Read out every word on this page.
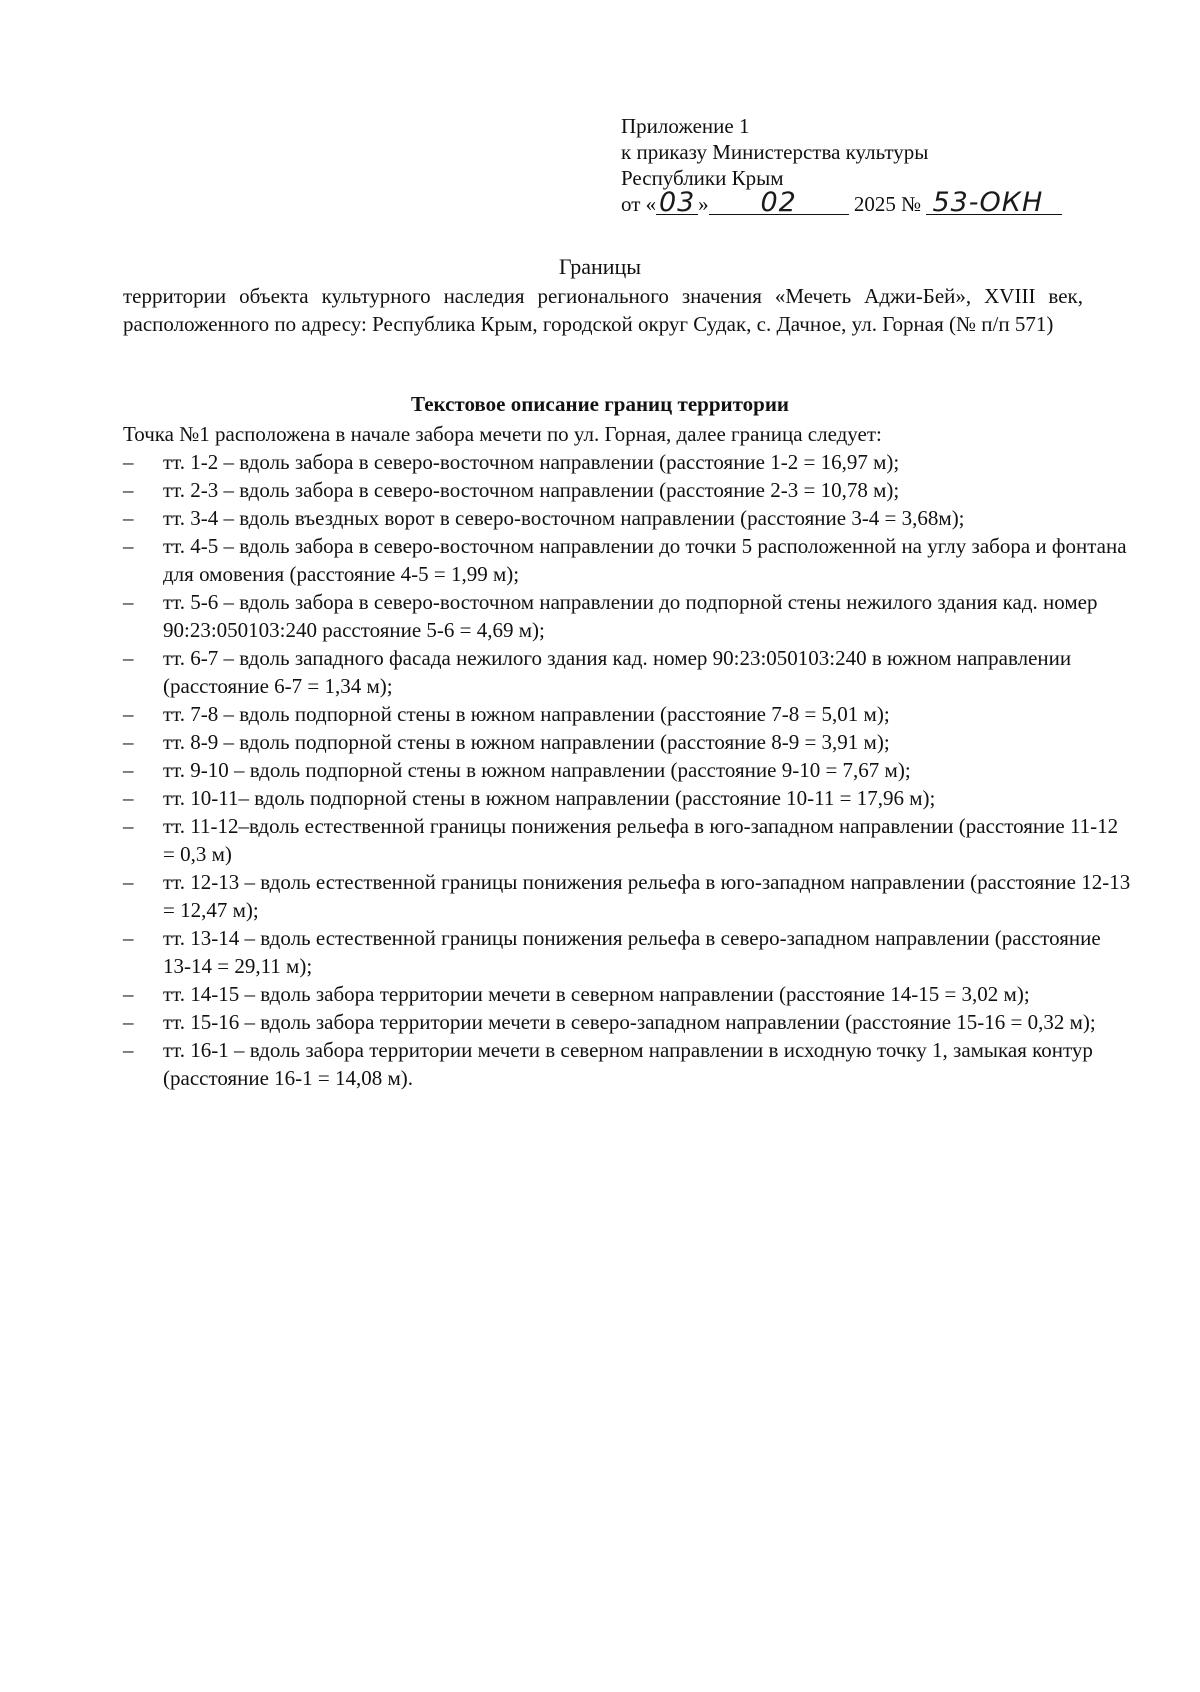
Приложение 1
к приказу Министерства культуры
Республики Крым
от « 03 » 02	2025 № 53-ОКН
Границы
территории объекта культурного наследия регионального значения «Мечеть Аджи-Бей», XVIII век, расположенного по адресу: Республика Крым, городской округ Судак, с. Дачное, ул. Горная (№ п/п 571)
Текстовое описание границ территории
Точка №1 расположена в начале забора мечети по ул. Горная, далее граница следует:
– тт. 1-2 – вдоль забора в северо-восточном направлении (расстояние 1-2 = 16,97 м);
– тт. 2-3 – вдоль забора в северо-восточном направлении (расстояние 2-3 = 10,78 м);
– тт. 3-4 – вдоль въездных ворот в северо-восточном направлении (расстояние 3-4 = 3,68м);
– тт. 4-5 – вдоль забора в северо-восточном направлении до точки 5 расположенной на углу забора и фонтана для омовения (расстояние 4-5 = 1,99 м);
– тт. 5-6 – вдоль забора в северо-восточном направлении до подпорной стены нежилого здания кад. номер 90:23:050103:240 расстояние 5-6 = 4,69 м);
– тт. 6-7 – вдоль западного фасада нежилого здания кад. номер 90:23:050103:240 в южном направлении (расстояние 6-7 = 1,34 м);
– тт. 7-8 – вдоль подпорной стены в южном направлении (расстояние 7-8 = 5,01 м);
– тт. 8-9 – вдоль подпорной стены в южном направлении (расстояние 8-9 = 3,91 м);
– тт. 9-10 – вдоль подпорной стены в южном направлении (расстояние 9-10 = 7,67 м);
– тт. 10-11– вдоль подпорной стены в южном направлении (расстояние 10-11 = 17,96 м);
– тт. 11-12–вдоль естественной границы понижения рельефа в юго-западном направлении (расстояние 11-12 = 0,3 м)
– тт. 12-13 – вдоль естественной границы понижения рельефа в юго-западном направлении (расстояние 12-13 = 12,47 м);
– тт. 13-14 – вдоль естественной границы понижения рельефа в северо-западном направлении (расстояние 13-14 = 29,11 м);
– тт. 14-15 – вдоль забора территории мечети в северном направлении (расстояние 14-15 = 3,02 м);
– тт. 15-16 – вдоль забора территории мечети в северо-западном направлении (расстояние 15-16 = 0,32 м);
– тт. 16-1 – вдоль забора территории мечети в северном направлении в исходную точку 1, замыкая контур (расстояние 16-1 = 14,08 м).
